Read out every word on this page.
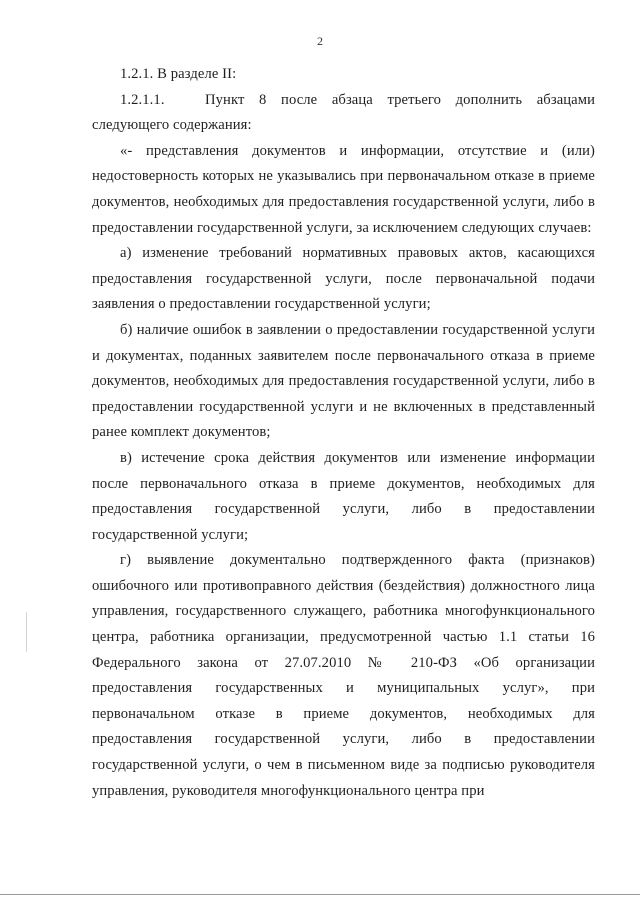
2

1.2.1. В разделе II:

1.2.1.1.	Пункт 8 после абзаца третьего дополнить абзацами

следующего содержания:

«- представления документов и информации, отсутствие и (или) недостоверность которых не указывались при первоначальном отказе в приеме документов, необходимых для предоставления государственной услуги, либо в предоставлении государственной услуги, за исключением следующих случаев:

а) изменение требований нормативных правовых актов, касающихся предоставления государственной услуги, после первоначальной подачи заявления о предоставлении государственной услуги;

б) наличие ошибок в заявлении о предоставлении государственной услуги и документах, поданных заявителем после первоначального отказа в приеме документов, необходимых для предоставления государственной услуги, либо в предоставлении государственной услуги и не включенных в представленный ранее комплект документов;

в) истечение срока действия документов или изменение информации после первоначального отказа в приеме документов, необходимых для предоставления государственной услуги, либо в предоставлении государственной услуги;

г) выявление документально подтвержденного факта (признаков) ошибочного или противоправного действия (бездействия) должностного лица управления, государственного служащего, работника многофункционального центра, работника организации, предусмотренной частью 1.1 статьи 16 Федерального закона от 27.07.2010 № 210-ФЗ «Об организации предоставления государственных и муниципальных услуг», при первоначальном отказе в приеме документов, необходимых для предоставления государственной услуги, либо в предоставлении государственной услуги, о чем в письменном виде за подписью руководителя управления, руководителя многофункционального центра при
